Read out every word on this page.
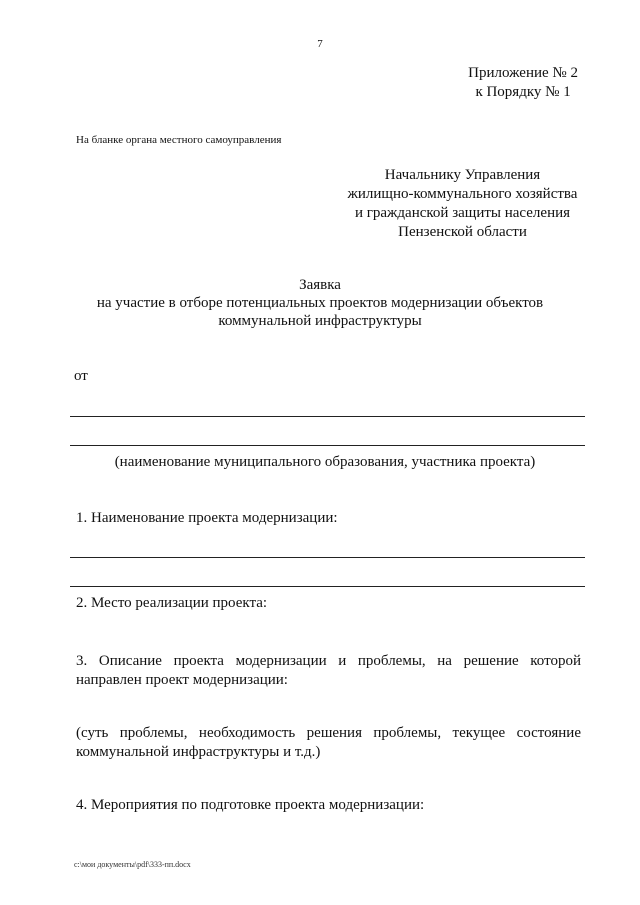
7
Приложение № 2
к Порядку № 1
На бланке органа местного самоуправления
Начальнику Управления
жилищно-коммунального хозяйства
и гражданской защиты населения
Пензенской области
Заявка
на участие в отборе потенциальных проектов модернизации объектов
коммунальной инфраструктуры
от
(наименование муниципального образования, участника проекта)
1. Наименование проекта модернизации:
2. Место реализации проекта:
3. Описание проекта модернизации и проблемы, на решение которой
направлен проект модернизации:
(суть проблемы, необходимость решения проблемы, текущее состояние
коммунальной инфраструктуры и т.д.)
4. Мероприятия по подготовке проекта модернизации:
c:\мои документы\pdf\333-пп.docx
